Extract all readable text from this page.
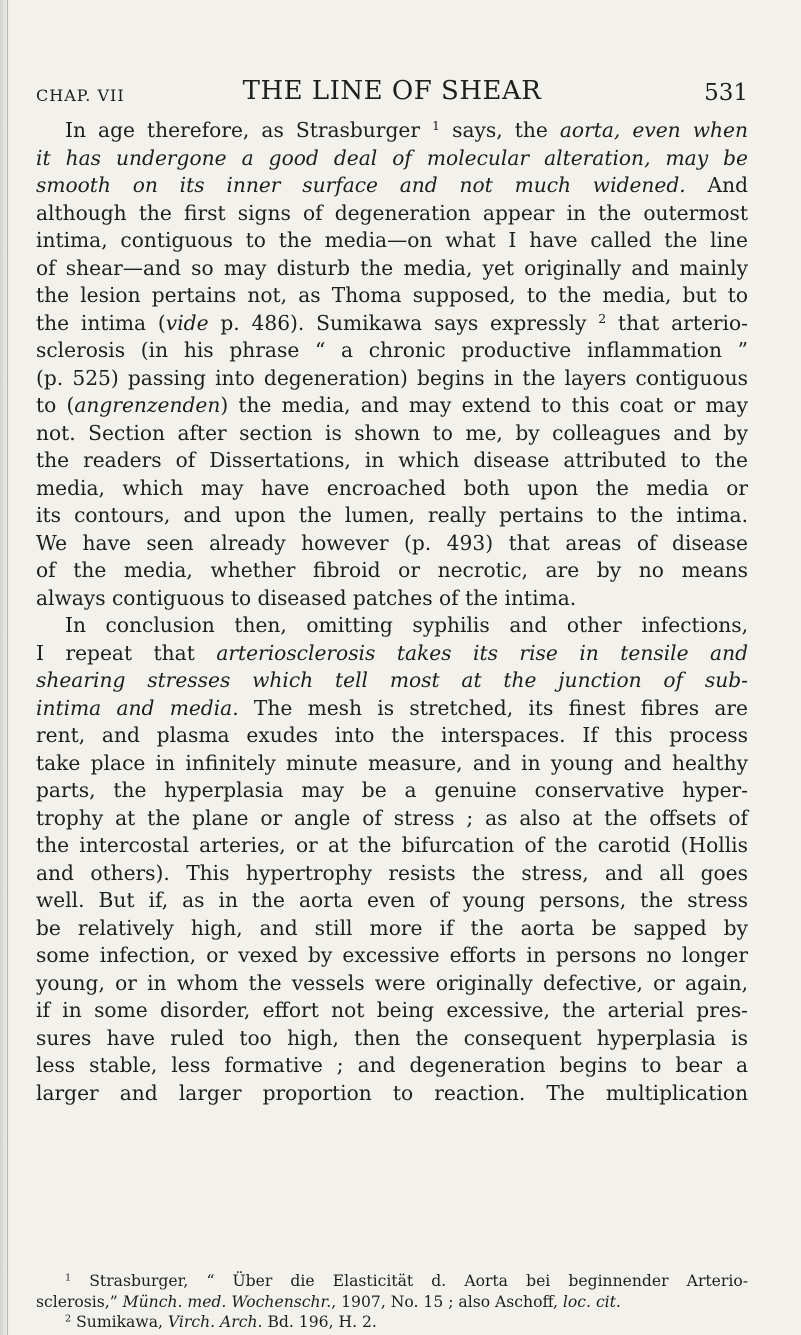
CHAP. VII	THE LINE OF SHEAR	531
In age therefore, as Strasburger $^1$ says, the aorta, even when
it has undergone a good deal of molecular alteration, may be
smooth on its inner surface and not much widened. And
although the first signs of degeneration appear in the outermost
intima, contiguous to the media—on what I have called the line
of shear—and so may disturb the media, yet originally and mainly
the lesion pertains not, as Thoma supposed, to the media, but to
the intima (vide p. 486). Sumikawa says expressly $^2$ that arterio-
sclerosis (in his phrase “ a chronic productive inflammation ”
(p. 525) passing into degeneration) begins in the layers contiguous
to (angrenzenden) the media, and may extend to this coat or may
not. Section after section is shown to me, by colleagues and by
the readers of Dissertations, in which disease attributed to the
media, which may have encroached both upon the media or
its contours, and upon the lumen, really pertains to the intima.
We have seen already however (p. 493) that areas of disease
of the media, whether fibroid or necrotic, are by no means
always contiguous to diseased patches of the intima.
In conclusion then, omitting syphilis and other infections,
I repeat that arteriosclerosis takes its rise in tensile and
shearing stresses which tell most at the junction of sub-
intima and media. The mesh is stretched, its finest fibres are
rent, and plasma exudes into the interspaces. If this process
take place in infinitely minute measure, and in young and healthy
parts, the hyperplasia may be a genuine conservative hyper-
trophy at the plane or angle of stress ; as also at the offsets of
the intercostal arteries, or at the bifurcation of the carotid (Hollis
and others). This hypertrophy resists the stress, and all goes
well. But if, as in the aorta even of young persons, the stress
be relatively high, and still more if the aorta be sapped by
some infection, or vexed by excessive efforts in persons no longer
young, or in whom the vessels were originally defective, or again,
if in some disorder, effort not being excessive, the arterial pres-
sures have ruled too high, then the consequent hyperplasia is
less stable, less formative ; and degeneration begins to bear a
larger and larger proportion to reaction. The multiplication
$^1$ Strasburger, “ Über die Elasticität d. Aorta bei beginnender Arterio-
sclerosis,” Münch. med. Wochenschr., 1907, No. 15 ; also Aschoff, loc. cit.
$^2$ Sumikawa, Virch. Arch. Bd. 196, H. 2.
